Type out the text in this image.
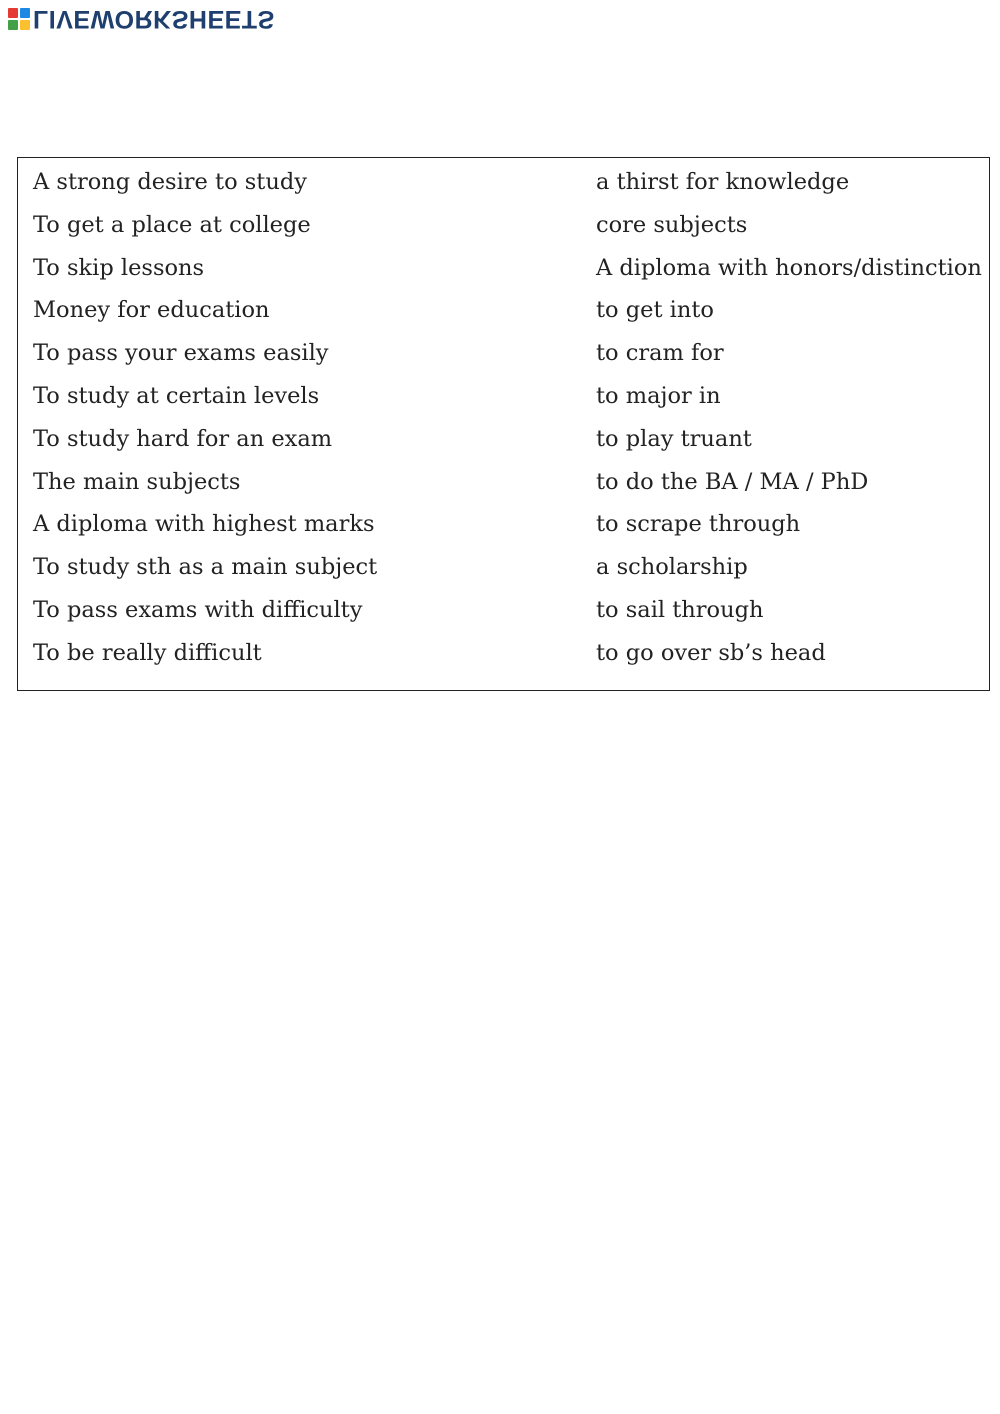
LIVEWORKSHEETS
A strong desire to study
To get a place at college
To skip lessons
Money for education
To pass your exams easily
To study at certain levels
To study hard for an exam
The main subjects
A diploma with highest marks
To study sth as a main subject
To pass exams with difficulty
To be really difficult
a thirst for knowledge
core subjects
A diploma with honors/distinction
to get into
to cram for
to major in
to play truant
to do the BA / MA / PhD
to scrape through
a scholarship
to sail through
to go over sb’s head
